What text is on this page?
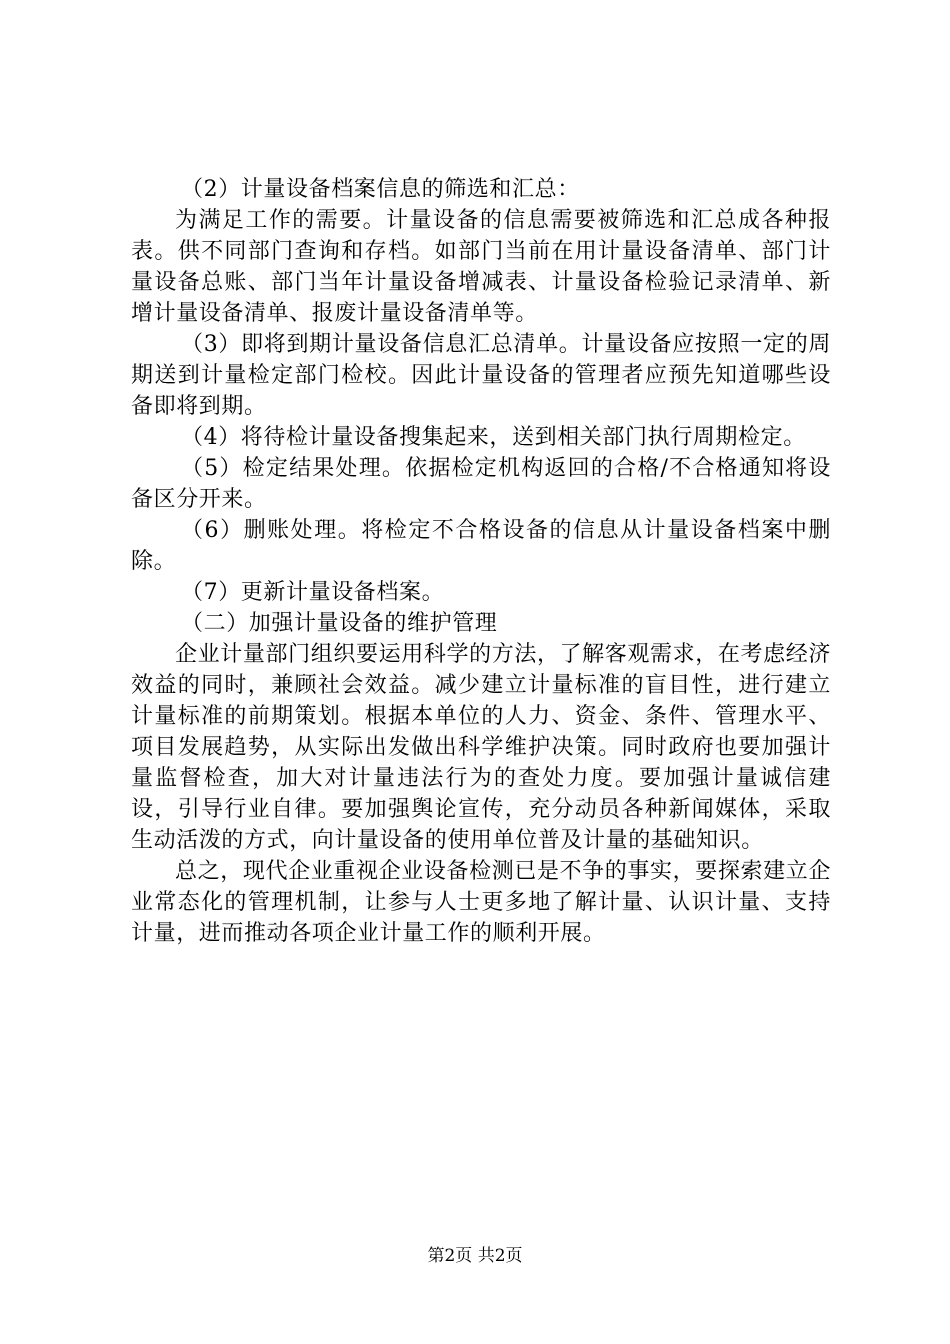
（2）计量设备档案信息的筛选和汇总：

为满足工作的需要。计量设备的信息需要被筛选和汇总成各种报表。供不同部门查询和存档。如部门当前在用计量设备清单、部门计量设备总账、部门当年计量设备增减表、计量设备检验记录清单、新增计量设备清单、报废计量设备清单等。

（3）即将到期计量设备信息汇总清单。计量设备应按照一定的周期送到计量检定部门检校。因此计量设备的管理者应预先知道哪些设备即将到期。

（4）将待检计量设备搜集起来，送到相关部门执行周期检定。

（5）检定结果处理。依据检定机构返回的合格/不合格通知将设备区分开来。

（6）删账处理。将检定不合格设备的信息从计量设备档案中删除。

（7）更新计量设备档案。

（二）加强计量设备的维护管理

企业计量部门组织要运用科学的方法，了解客观需求，在考虑经济效益的同时，兼顾社会效益。减少建立计量标准的盲目性，进行建立计量标准的前期策划。根据本单位的人力、资金、条件、管理水平、项目发展趋势，从实际出发做出科学维护决策。同时政府也要加强计量监督检查，加大对计量违法行为的查处力度。要加强计量诚信建设，引导行业自律。要加强舆论宣传，充分动员各种新闻媒体，采取生动活泼的方式，向计量设备的使用单位普及计量的基础知识。

总之，现代企业重视企业设备检测已是不争的事实，要探索建立企业常态化的管理机制，让参与人士更多地了解计量、认识计量、支持计量，进而推动各项企业计量工作的顺利开展。

第2页 共2页
